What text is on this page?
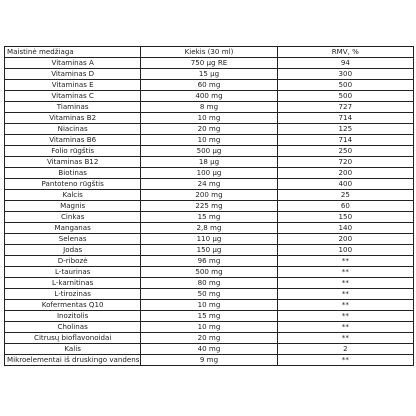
Maistinė medžiaga	Kiekis (30 ml)	RMV, %
Vitaminas A	750 μg RE	94
Vitaminas D	15 μg	300
Vitaminas E	60 mg	500
Vitaminas C	400 mg	500
Tiaminas	8 mg	727
Vitaminas B2	10 mg	714
Niacinas	20 mg	125
Vitaminas B6	10 mg	714
Folio rūgštis	500 μg	250
Vitaminas B12	18 μg	720
Biotinas	100 μg	200
Pantoteno rūgštis	24 mg	400
Kalcis	200 mg	25
Magnis	225 mg	60
Cinkas	15 mg	150
Manganas	2,8 mg	140
Selenas	110 μg	200
Jodas	150 μg	100
D-ribozė	96 mg	**
L-taurinas	500 mg	**
L-karnitinas	80 mg	**
L-tirozinas	50 mg	**
Kofermentas Q10	10 mg	**
Inozitolis	15 mg	**
Cholinas	10 mg	**
Citrusų bioflavonoidai	20 mg	**
Kalis	40 mg	2
Mikroelementai iš druskingo vandens	9 mg	**
